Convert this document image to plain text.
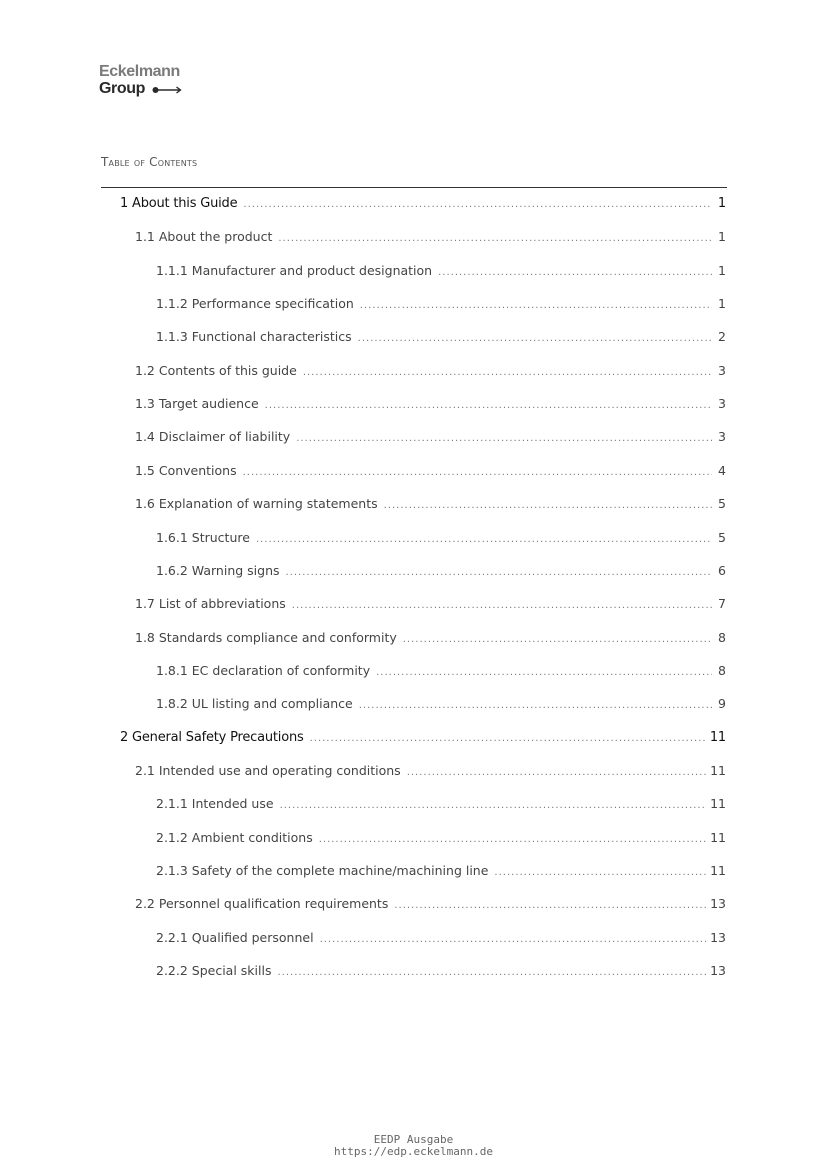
Eckelmann
Group
Table of Contents
1 About this Guide .....	1
1.1 About the product .....	1
1.1.1 Manufacturer and product designation .....	1
1.1.2 Performance specification .....	1
1.1.3 Functional characteristics .....	2
1.2 Contents of this guide .....	3
1.3 Target audience .....	3
1.4 Disclaimer of liability .....	3
1.5 Conventions .....	4
1.6 Explanation of warning statements .....	5
1.6.1 Structure .....	5
1.6.2 Warning signs .....	6
1.7 List of abbreviations .....	7
1.8 Standards compliance and conformity .....	8
1.8.1 EC declaration of conformity .....	8
1.8.2 UL listing and compliance .....	9
2 General Safety Precautions .....	11
2.1 Intended use and operating conditions .....	11
2.1.1 Intended use .....	11
2.1.2 Ambient conditions .....	11
2.1.3 Safety of the complete machine/machining line .....	11
2.2 Personnel qualification requirements .....	13
2.2.1 Qualified personnel .....	13
2.2.2 Special skills .....	13
EEDP Ausgabe
https://edp.eckelmann.de
